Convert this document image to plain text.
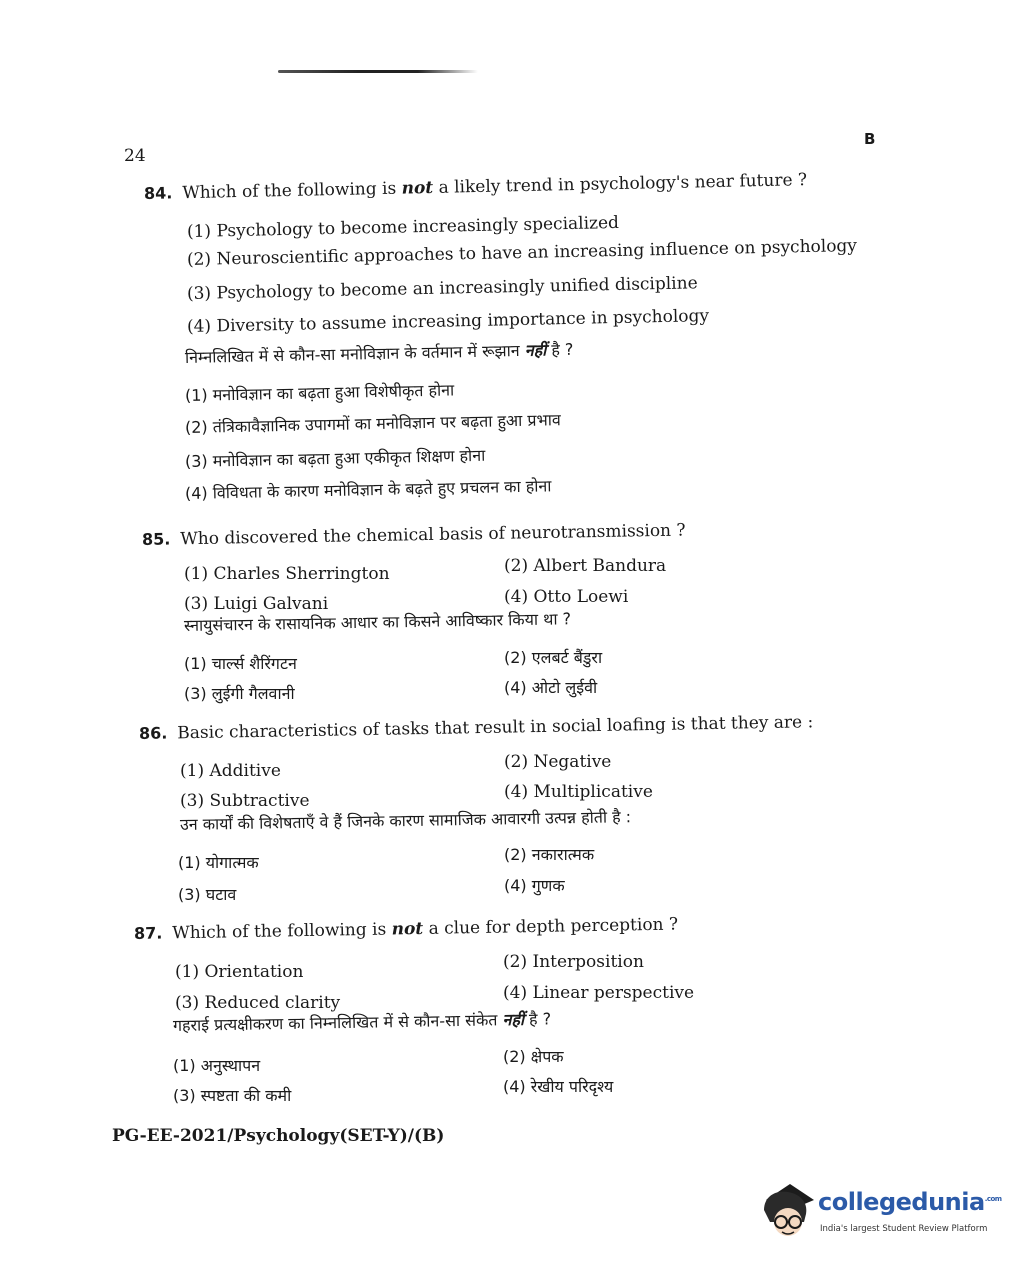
24
B
84. Which of the following is not a likely trend in psychology's near future ?
(1) Psychology to become increasingly specialized
(2) Neuroscientific approaches to have an increasing influence on psychology
(3) Psychology to become an increasingly unified discipline
(4) Diversity to assume increasing importance in psychology
निम्नलिखित में से कौन-सा मनोविज्ञान के वर्तमान में रूझान नहीं है ?
(1) मनोविज्ञान का बढ़ता हुआ विशेषीकृत होना
(2) तंत्रिकावैज्ञानिक उपागमों का मनोविज्ञान पर बढ़ता हुआ प्रभाव
(3) मनोविज्ञान का बढ़ता हुआ एकीकृत शिक्षण होना
(4) विविधता के कारण मनोविज्ञान के बढ़ते हुए प्रचलन का होना
85. Who discovered the chemical basis of neurotransmission ?
(1) Charles Sherrington	(2) Albert Bandura
(3) Luigi Galvani	(4) Otto Loewi
स्नायुसंचारन के रासायनिक आधार का किसने आविष्कार किया था ?
(1) चार्ल्स शैरिंगटन	(2) एलबर्ट बैंडुरा
(3) लुईगी गैलवानी	(4) ओटो लुईवी
86. Basic characteristics of tasks that result in social loafing is that they are :
(1) Additive	(2) Negative
(3) Subtractive	(4) Multiplicative
उन कार्यों की विशेषताएँ वे हैं जिनके कारण सामाजिक आवारगी उत्पन्न होती है :
(1) योगात्मक	(2) नकारात्मक
(3) घटाव	(4) गुणक
87. Which of the following is not a clue for depth perception ?
(1) Orientation	(2) Interposition
(3) Reduced clarity	(4) Linear perspective
गहराई प्रत्यक्षीकरण का निम्नलिखित में से कौन-सा संकेत नहीं है ?
(1) अनुस्थापन	(2) क्षेपक
(3) स्पष्टता की कमी	(4) रेखीय परिदृश्य
PG-EE-2021/Psychology(SET-Y)/(B)
collegedunia$^{.com}$
India's largest Student Review Platform
